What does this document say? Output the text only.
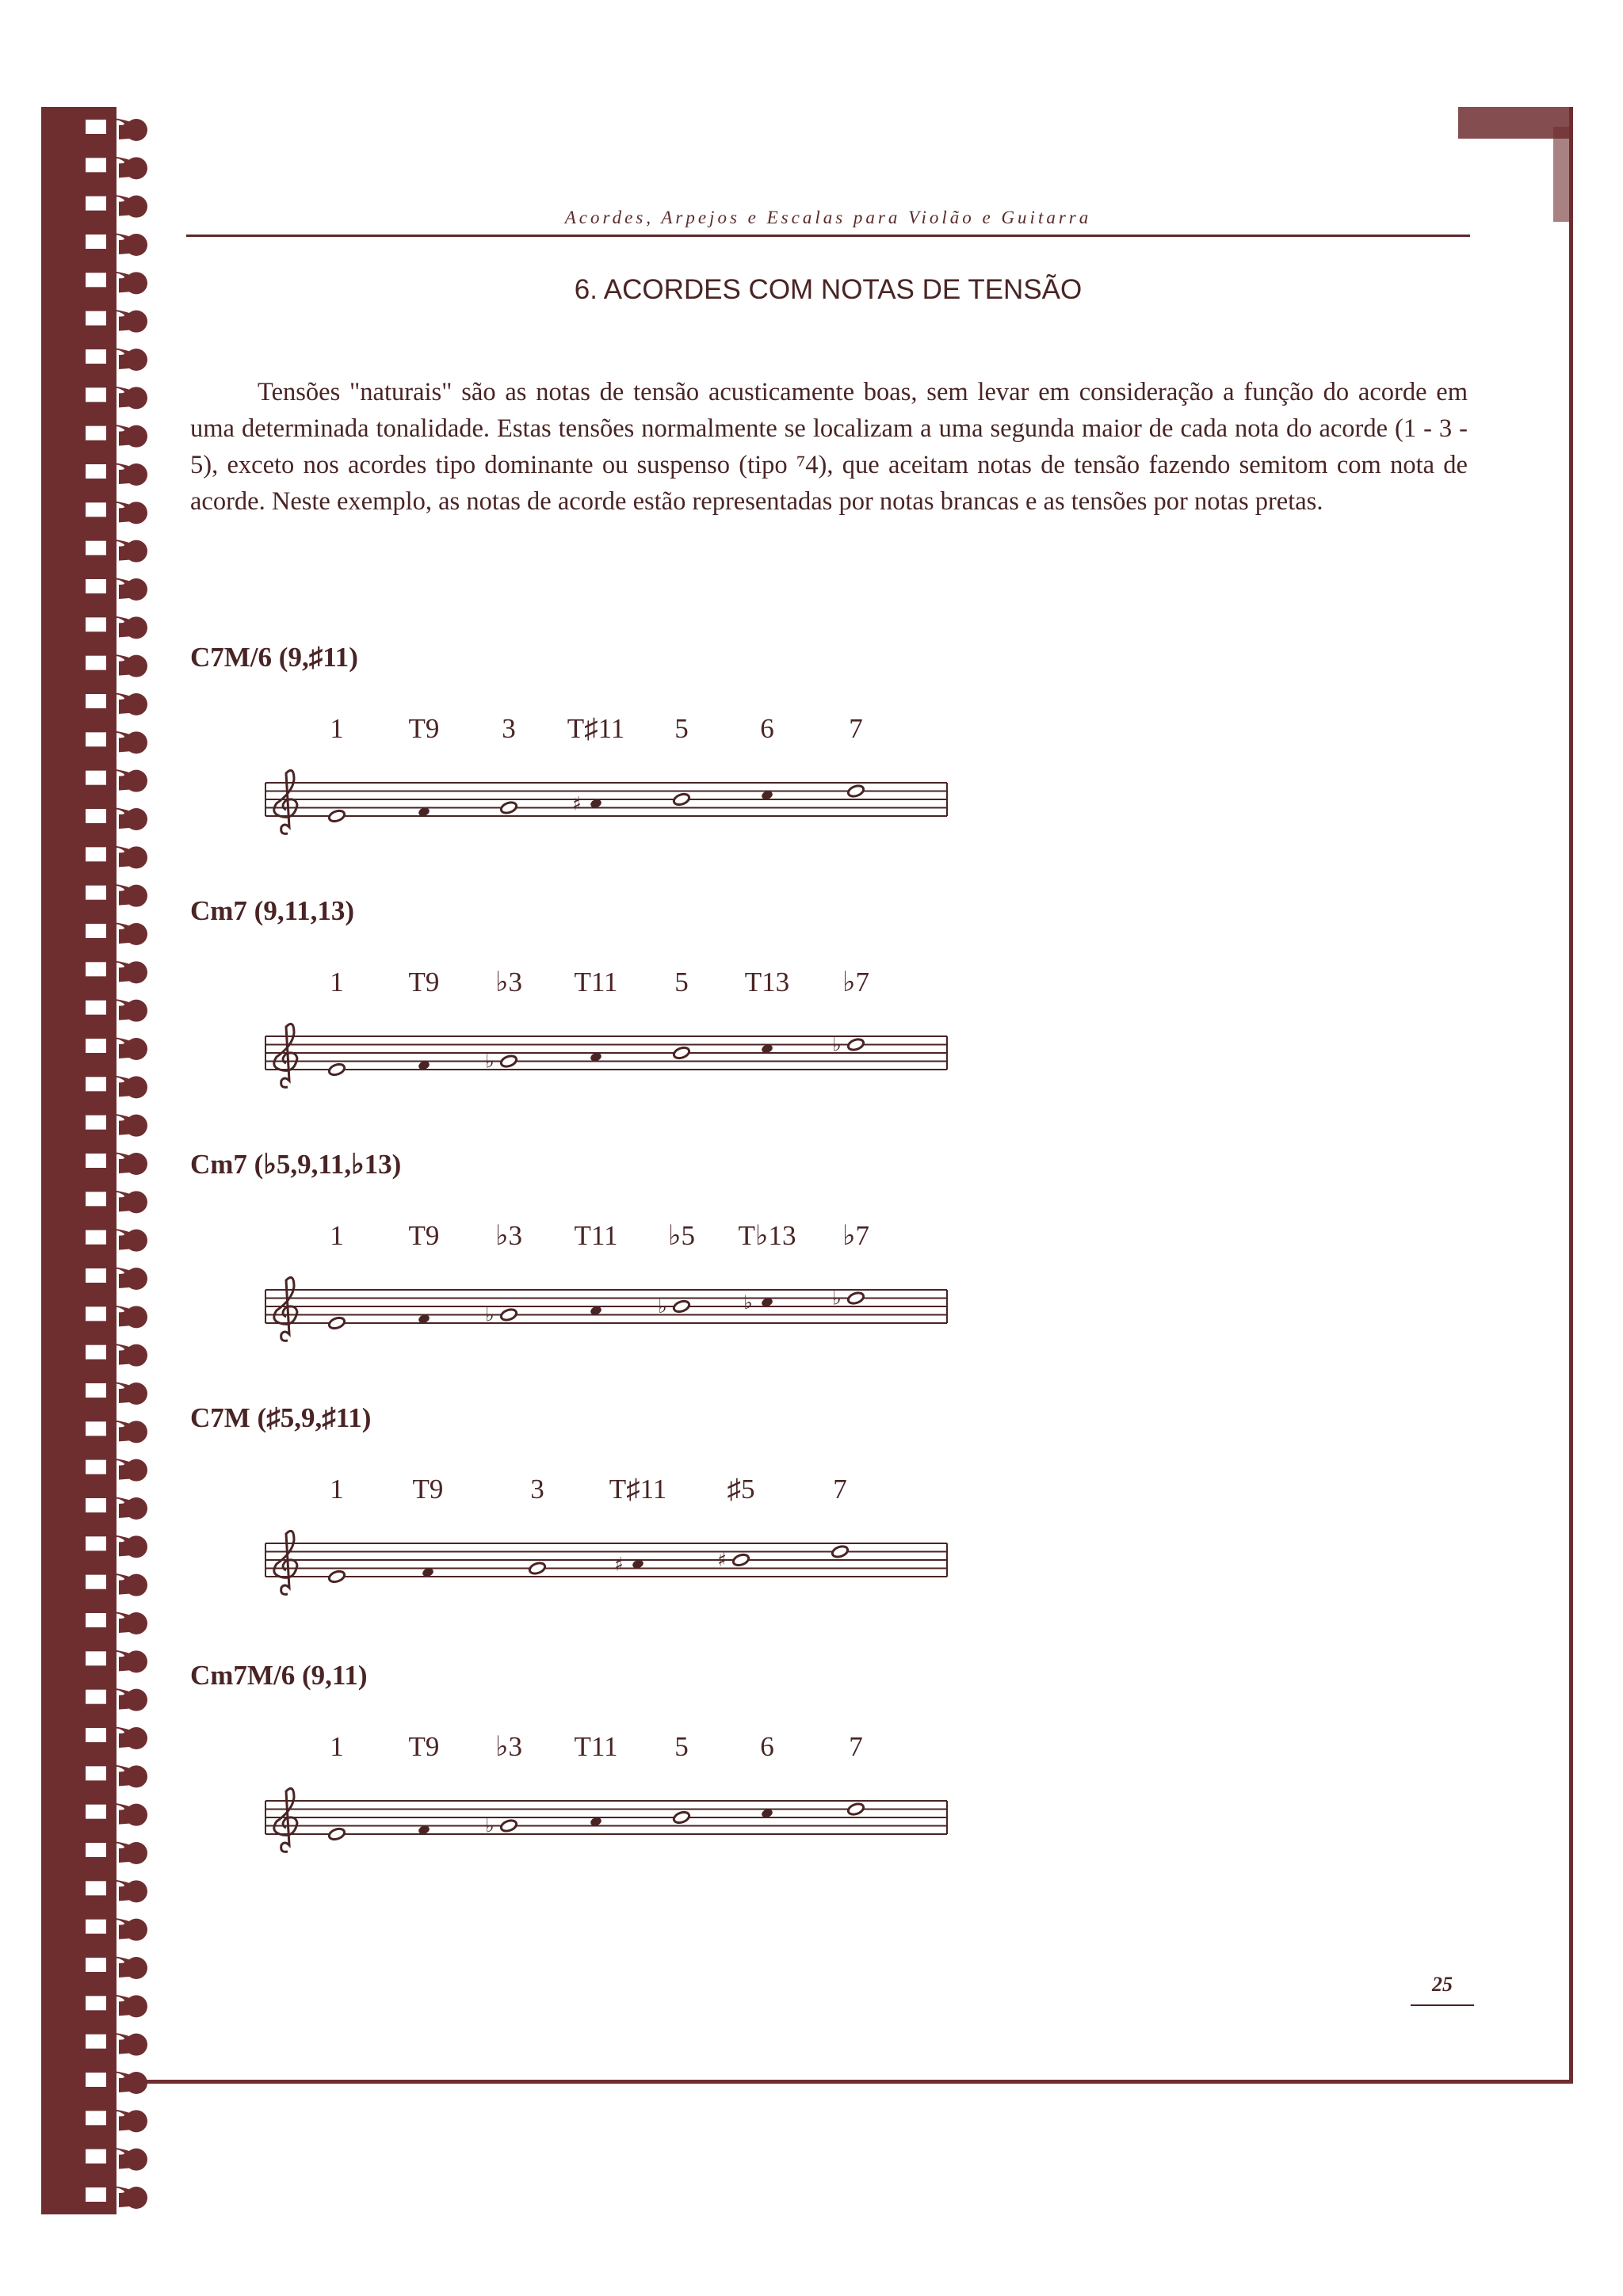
Acordes, Arpejos e Escalas para Violão e Guitarra
6. ACORDES COM NOTAS DE TENSÃO

Tensões "naturais" são as notas de tensão acusticamente boas, sem levar em consideração a função do acorde em uma determinada tonalidade. Estas tensões normalmente se localizam a uma segunda maior de cada nota do acorde (1 - 3 - 5), exceto nos acordes tipo dominante ou suspenso (tipo ⁷4), que aceitam notas de tensão fazendo semitom com nota de acorde. Neste exemplo, as notas de acorde estão representadas por notas brancas e as tensões por notas pretas.

C7M/6 (9,♯11)
1 T9 3 T♯11 5	6	7
♯
Cm7 (9,11,13)
1 T9 ♭3 T11 5 T13 ♭7
♭
♭
Cm7 (♭5,9,11,♭13)
1 T9 ♭3 T11 ♭5 T♭13 ♭7
♭	♭	♭	♭
C7M (♯5,9,♯11)
1 T9	3 T♯11 ♯5	7
♯	♯
Cm7M/6 (9,11)
1 T9 ♭3 T11 5	6	7
♭
25
